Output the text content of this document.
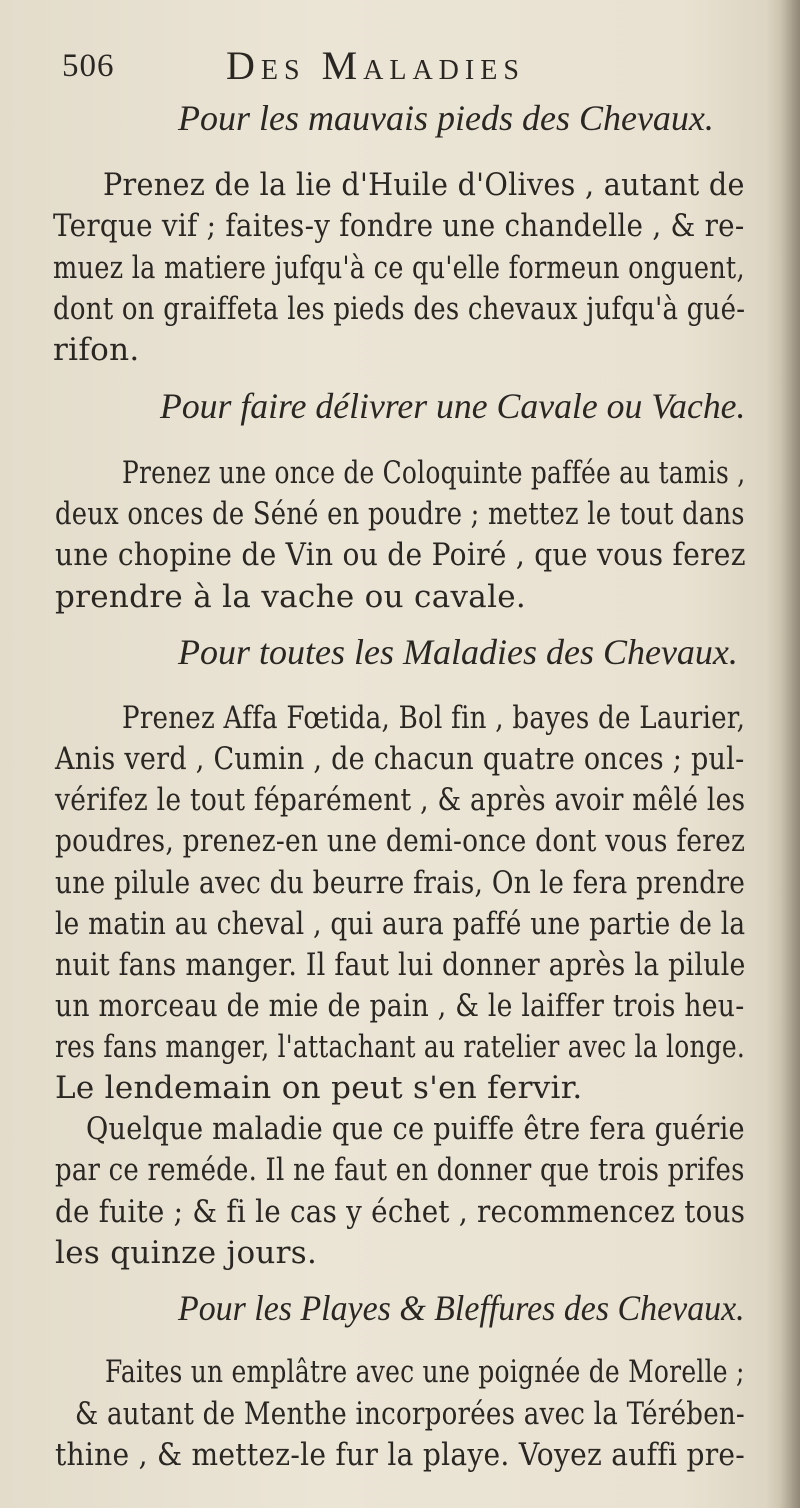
506	Des Maladies
Pour les mauvais pieds des Chevaux.
Prenez de la lie d'Huile d'Olives , autant de
Terque vif ; faites-y fondre une chandelle , & re-
muez la matiere jufqu'à ce qu'elle formeun onguent,
dont on graiffeta les pieds des chevaux jufqu'à gué-
rifon.
Pour faire délivrer une Cavale ou Vache.
Prenez une once de Coloquinte paffée au tamis ,
deux onces de Séné en poudre ; mettez le tout dans
une chopine de Vin ou de Poiré , que vous ferez
prendre à la vache ou cavale.
Pour toutes les Maladies des Chevaux.
Prenez Affa Fœtida, Bol fin , bayes de Laurier,
Anis verd , Cumin , de chacun quatre onces ; pul-
vérifez le tout féparément , & après avoir mêlé les
poudres, prenez-en une demi-once dont vous ferez
une pilule avec du beurre frais, On le fera prendre
le matin au cheval , qui aura paffé une partie de la
nuit fans manger. Il faut lui donner après la pilule
un morceau de mie de pain , & le laiffer trois heu-
res fans manger, l'attachant au ratelier avec la longe.
Le lendemain on peut s'en fervir.
Quelque maladie que ce puiffe être fera guérie
par ce reméde. Il ne faut en donner que trois prifes
de fuite ; & fi le cas y échet , recommencez tous
les quinze jours.
Pour les Playes & Bleffures des Chevaux.
Faites un emplâtre avec une poignée de Morelle ;
& autant de Menthe incorporées avec la Térében-
thine , & mettez-le fur la playe. Voyez auffi pre-
